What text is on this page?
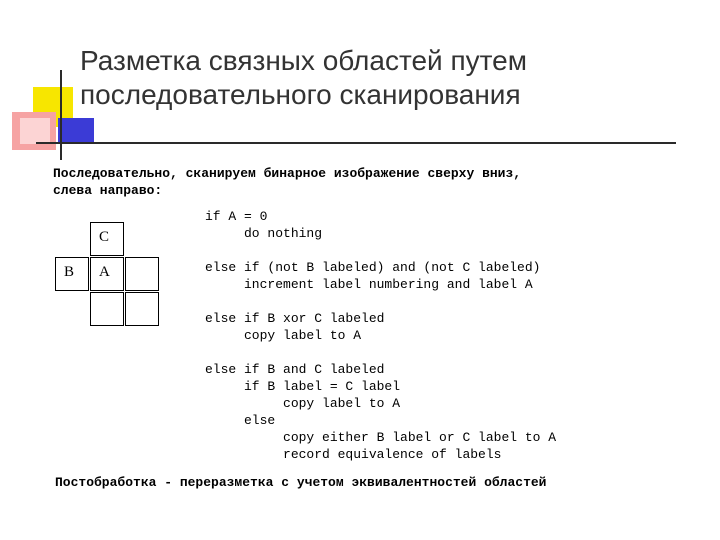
Разметка связных областей путем
последовательного сканирования
Последовательно, сканируем бинарное изображение сверху вниз,
слева направо:
C
B A
if A = 0
do nothing
else if (not B labeled) and (not C labeled)
increment label numbering and label A
else if B xor C labeled
copy label to A
else if B and C labeled
if B label = C label
copy label to A
else
copy either B label or C label to A
record equivalence of labels
Постобработка - переразметка с учетом эквивалентностей областей
